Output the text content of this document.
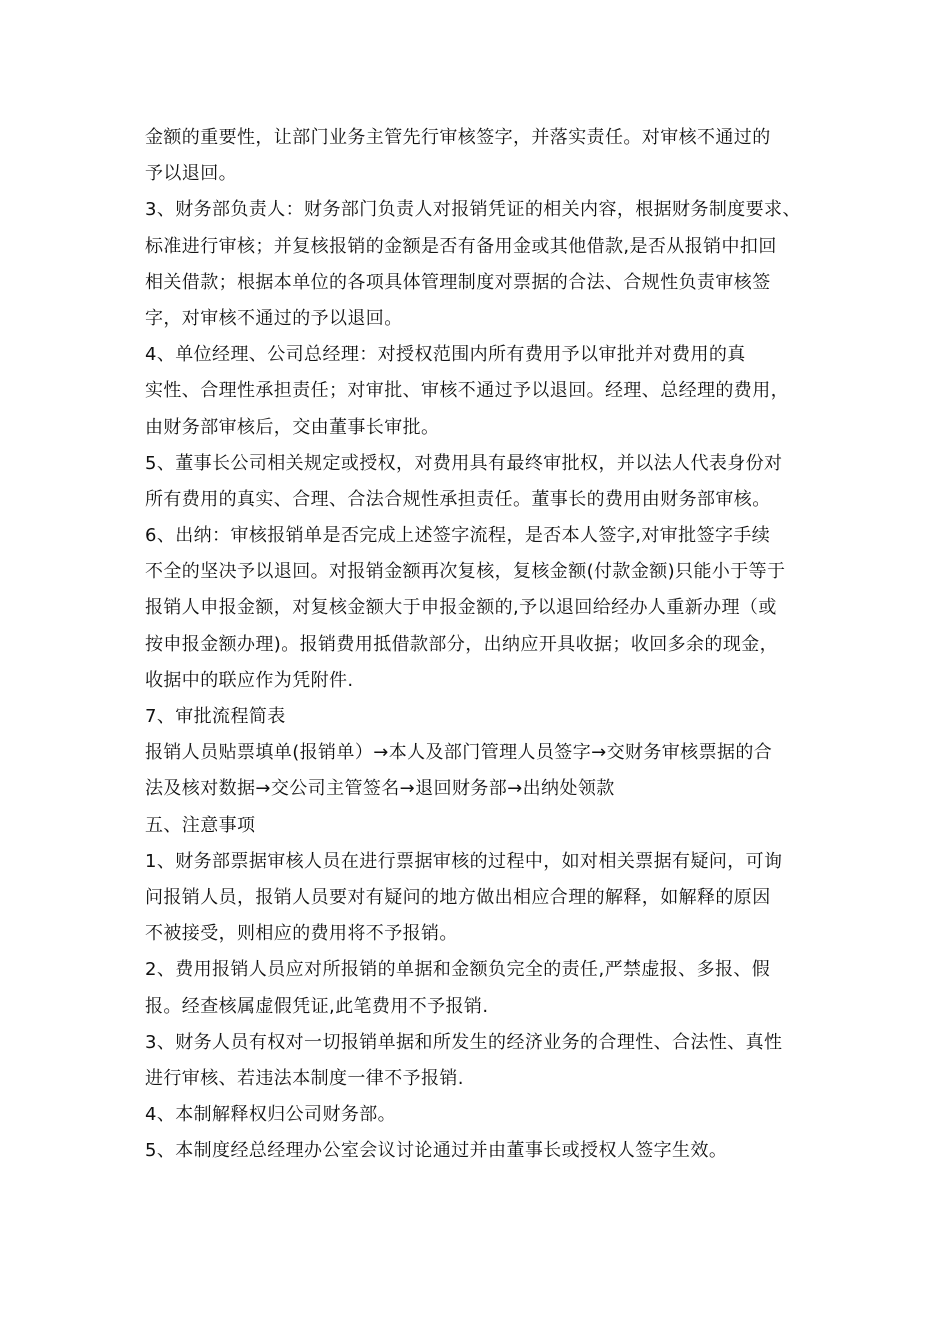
金额的重要性，让部门业务主管先行审核签字，并落实责任。对审核不通过的
予以退回。
3、财务部负责人：财务部门负责人对报销凭证的相关内容，根据财务制度要求、
标准进行审核；并复核报销的金额是否有备用金或其他借款,是否从报销中扣回
相关借款；根据本单位的各项具体管理制度对票据的合法、合规性负责审核签
字，对审核不通过的予以退回。
4、单位经理、公司总经理：对授权范围内所有费用予以审批并对费用的真
实性、合理性承担责任；对审批、审核不通过予以退回。经理、总经理的费用，
由财务部审核后，交由董事长审批。
5、董事长公司相关规定或授权，对费用具有最终审批权，并以法人代表身份对
所有费用的真实、合理、合法合规性承担责任。董事长的费用由财务部审核。
6、出纳：审核报销单是否完成上述签字流程，是否本人签字,对审批签字手续
不全的坚决予以退回。对报销金额再次复核，复核金额(付款金额)只能小于等于
报销人申报金额，对复核金额大于申报金额的,予以退回给经办人重新办理（或
按申报金额办理)。报销费用抵借款部分，出纳应开具收据；收回多余的现金，
收据中的联应作为凭附件.
7、审批流程简表
报销人员贴票填单(报销单）→本人及部门管理人员签字→交财务审核票据的合
法及核对数据→交公司主管签名→退回财务部→出纳处领款
五、注意事项
1、财务部票据审核人员在进行票据审核的过程中，如对相关票据有疑问，可询
问报销人员，报销人员要对有疑问的地方做出相应合理的解释，如解释的原因
不被接受，则相应的费用将不予报销。
2、费用报销人员应对所报销的单据和金额负完全的责任,严禁虚报、多报、假
报。经查核属虚假凭证,此笔费用不予报销.
3、财务人员有权对一切报销单据和所发生的经济业务的合理性、合法性、真性
进行审核、若违法本制度一律不予报销.
4、本制解释权归公司财务部。
5、本制度经总经理办公室会议讨论通过并由董事长或授权人签字生效。
